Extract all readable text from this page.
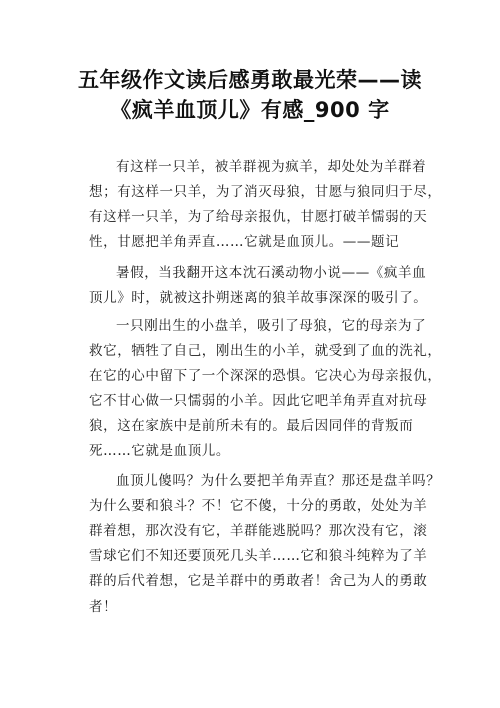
五年级作文读后感勇敢最光荣——读
《疯羊血顶儿》有感_900 字
有这样一只羊，被羊群视为疯羊，却处处为羊群着
想；有这样一只羊，为了消灭母狼，甘愿与狼同归于尽，
有这样一只羊，为了给母亲报仇，甘愿打破羊懦弱的天
性，甘愿把羊角弄直……它就是血顶儿。——题记
暑假，当我翻开这本沈石溪动物小说——《疯羊血
顶儿》时，就被这扑朔迷离的狼羊故事深深的吸引了。
一只刚出生的小盘羊，吸引了母狼，它的母亲为了
救它，牺牲了自己，刚出生的小羊，就受到了血的洗礼，
在它的心中留下了一个深深的恐惧。它决心为母亲报仇，
它不甘心做一只懦弱的小羊。因此它吧羊角弄直对抗母
狼，这在家族中是前所未有的。最后因同伴的背叛而
死……它就是血顶儿。
血顶儿傻吗？为什么要把羊角弄直？那还是盘羊吗？
为什么要和狼斗？不！它不傻，十分的勇敢，处处为羊
群着想，那次没有它，羊群能逃脱吗？那次没有它，滚
雪球它们不知还要顶死几头羊……它和狼斗纯粹为了羊
群的后代着想，它是羊群中的勇敢者！舍己为人的勇敢
者！
